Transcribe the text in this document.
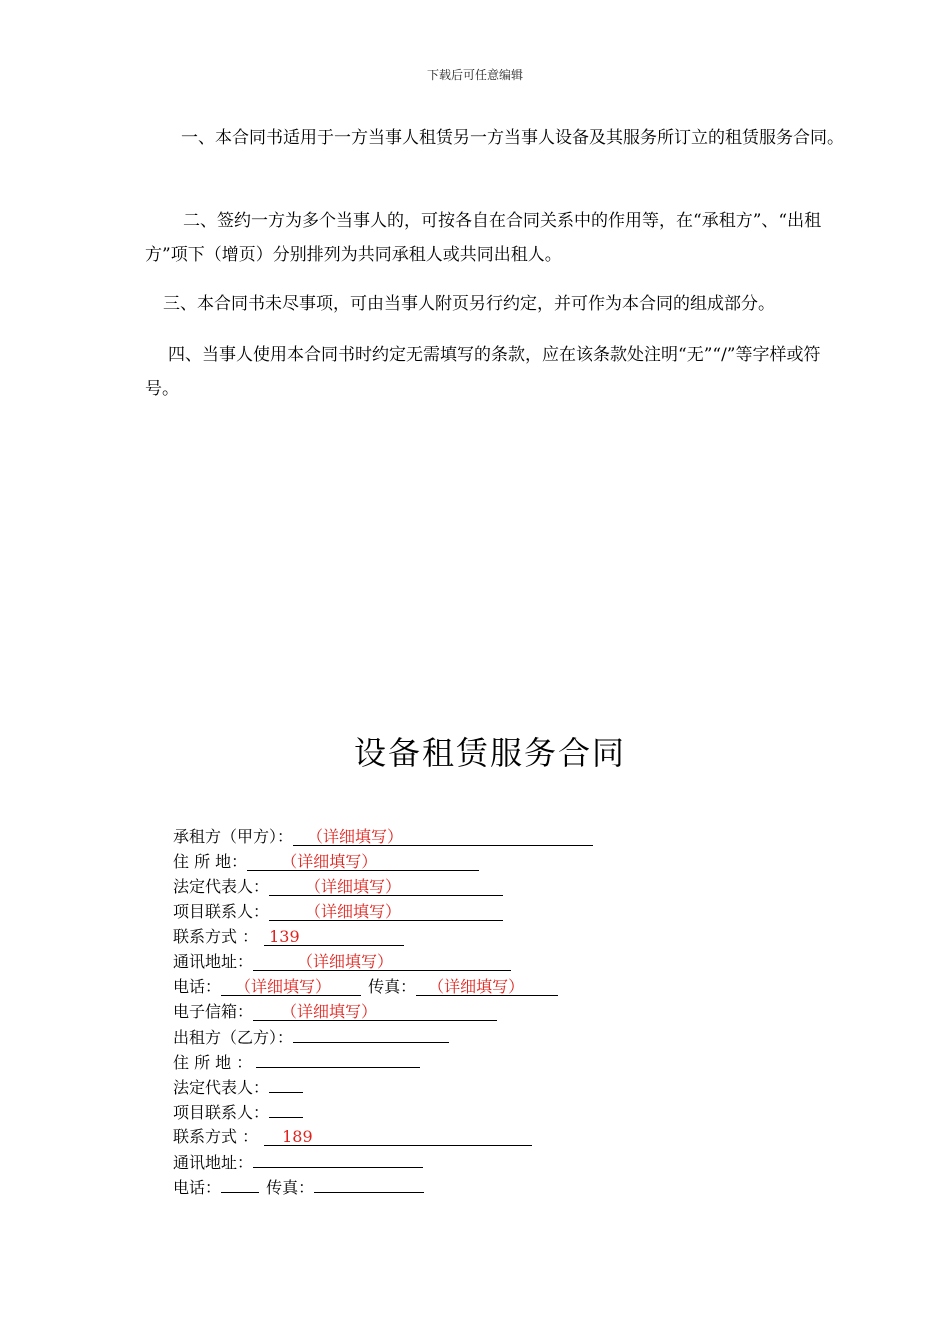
下载后可任意编辑

一、本合同书适用于一方当事人租赁另一方当事人设备及其服务所订立的租赁服务合同。

二、签约一方为多个当事人的，可按各自在合同关系中的作用等，在“承租方”、“出租方”项下（增页）分别排列为共同承租人或共同出租人。

三、本合同书未尽事项，可由当事人附页另行约定，并可作为本合同的组成部分。

四、当事人使用本合同书时约定无需填写的条款，应在该条款处注明“无”“/”等字样或符号。

设备租赁服务合同
承租方（甲方）： （详细填写）
住 所 地： （详细填写）
法定代表人： （详细填写）
项目联系人： （详细填写）
联系方式 ： 139
通讯地址：	（详细填写）
电话： （详细填写） 传真： （详细填写）
电子信箱： （详细填写）
出租方（乙方）：
住 所 地 ：
法定代表人：
项目联系人：
联系方式 ： 189
通讯地址：
电话：	传真：
